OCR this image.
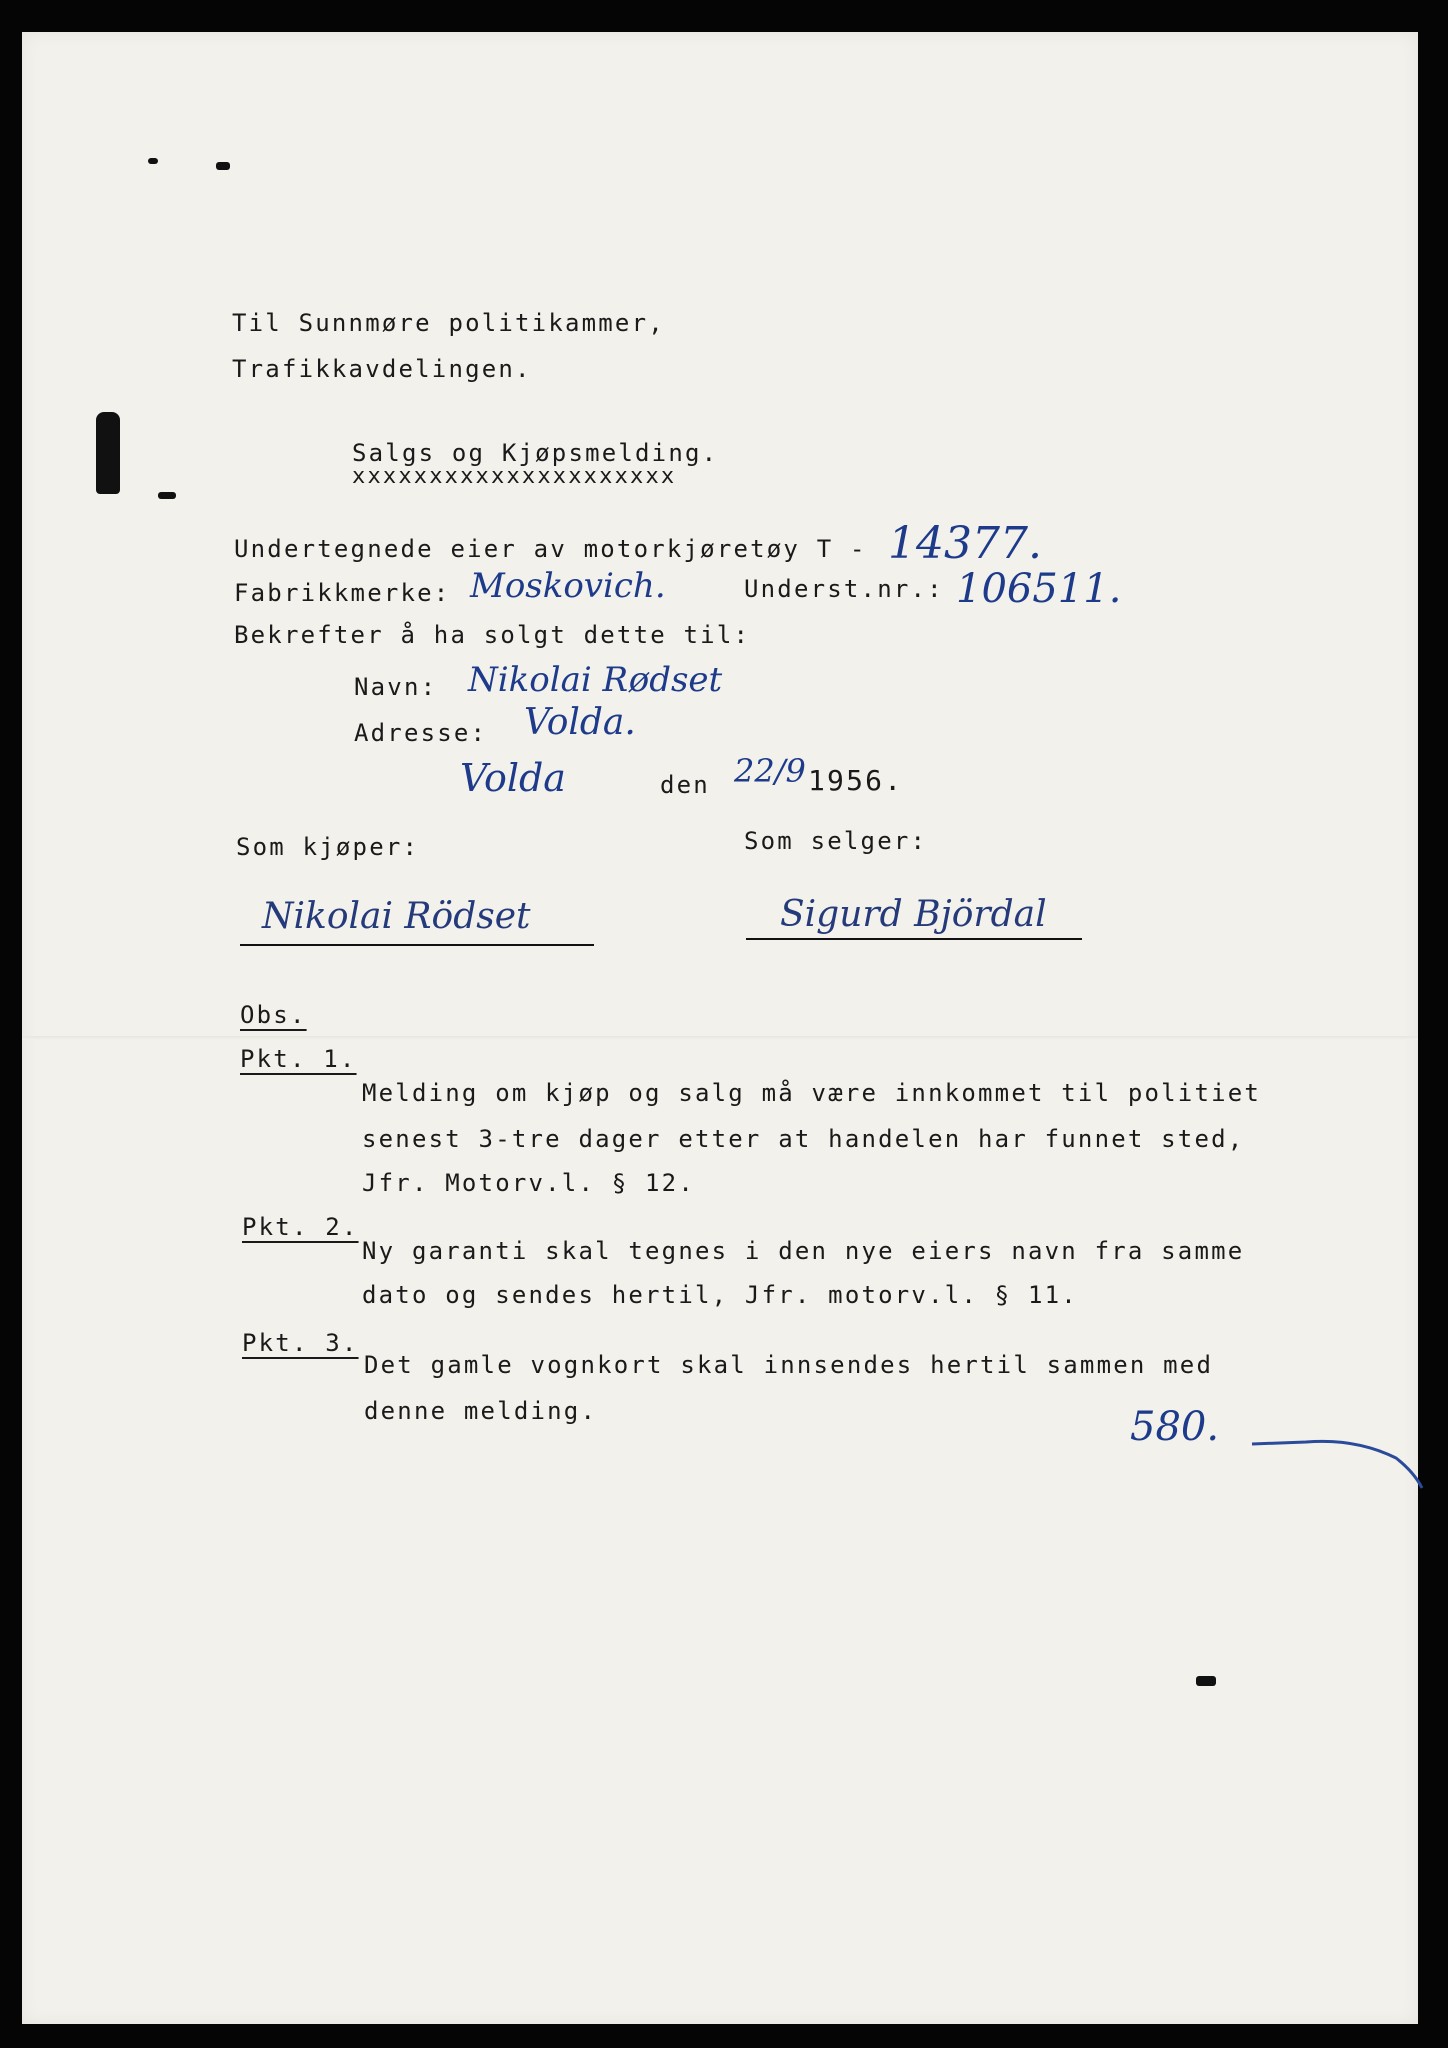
Til Sunnmøre politikammer,
Trafikkavdelingen.
Salgs og Kjøpsmelding.
xxxxxxxxxxxxxxxxxxxxx
Undertegnede eier av motorkjøretøy T - 14377.
Fabrikkmerke: Moskovich.	Underst.nr.: 106511.
Bekrefter å ha solgt dette til:
Navn: Nikolai Rødset
Adresse: Volda.
Volda	den 22/9 1956.
Som kjøper:	Som selger:
Nikolai Rödset	Sigurd Björdal
Obs.
Pkt. 1.
Melding om kjøp og salg må være innkommet til politiet
senest 3-tre dager etter at handelen har funnet sted,
Jfr. Motorv.l. § 12.
Pkt. 2.
Ny garanti skal tegnes i den nye eiers navn fra samme
dato og sendes hertil, Jfr. motorv.l. § 11.
Pkt. 3.
Det gamle vognkort skal innsendes hertil sammen med
denne melding.	580.
